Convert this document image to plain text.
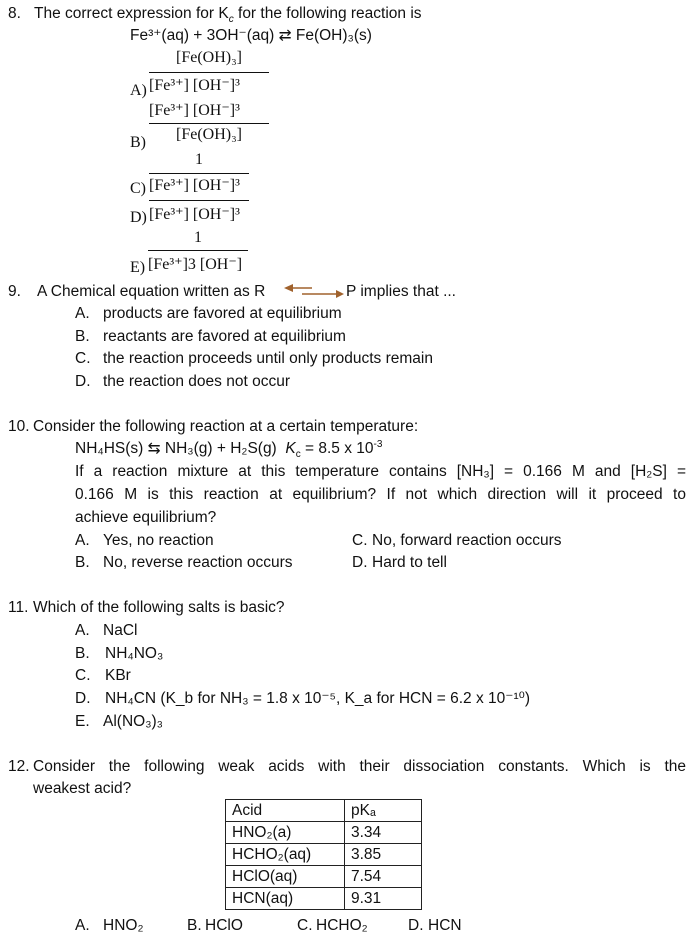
8. The correct expression for $K_c$ for the following reaction is
Fe³⁺(aq) + 3OH⁻(aq) ⇄ Fe(OH)₃(s)
A)
[Fe(OH)₃]
[Fe³⁺] [OH⁻]³
B)
[Fe³⁺] [OH⁻]³
[Fe(OH)₃]
C)
1
[Fe³⁺] [OH⁻]³
D) [Fe³⁺] [OH⁻]³
E)
1
[Fe³⁺]3 [OH⁻]
9. A Chemical equation written as R	P implies that ...
A. products are favored at equilibrium
B. reactants are favored at equilibrium
C. the reaction proceeds until only products remain
D. the reaction does not occur
10. Consider the following reaction at a certain temperature:
NH₄HS(s) ⇆ NH₃(g) + H₂S(g) $K_c = 8.5$ x $10^{-3}$
If a reaction mixture at this temperature contains [NH₃] = 0.166 M and [H₂S] =
0.166 M is this reaction at equilibrium? If not which direction will it proceed to
achieve equilibrium?
A. Yes, no reaction
B. No, reverse reaction occurs
C. No, forward reaction occurs
D. Hard to tell
11. Which of the following salts is basic?
A. NaCl
B. NH₄NO₃
C. KBr
D. NH₄CN (K_b for NH₃ = 1.8 x 10⁻⁵, K_a for HCN = 6.2 x 10⁻¹⁰)
E. Al(NO₃)₃
12. Consider the following weak acids with their dissociation constants. Which is the
weakest acid?
Acid	pKₐ
HNO₂(a)	3.34
HCHO₂(aq)	3.85
HClO(aq)	7.54
HCN(aq)	9.31
A. HNO₂	B. HClO	C. HCHO₂	D. HCN
